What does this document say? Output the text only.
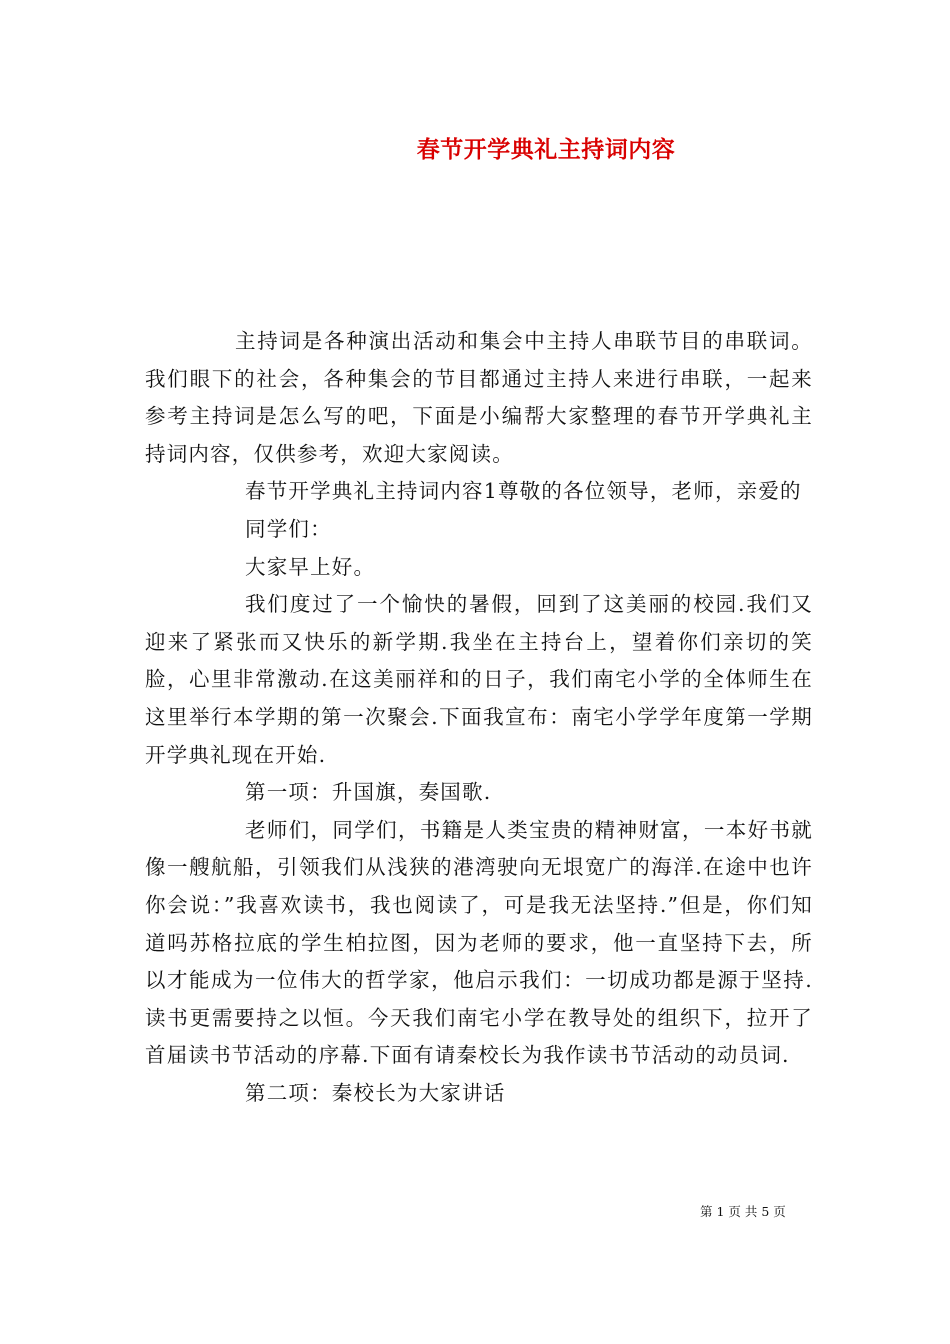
春节开学典礼主持词内容

主持词是各种演出活动和集会中主持人串联节目的串联词。我们眼下的社会，各种集会的节目都通过主持人来进行串联，一起来参考主持词是怎么写的吧，下面是小编帮大家整理的春节开学典礼主持词内容，仅供参考，欢迎大家阅读。

春节开学典礼主持词内容1尊敬的各位领导，老师，亲爱的

同学们：

大家早上好。

我们度过了一个愉快的暑假，回到了这美丽的校园.我们又迎来了紧张而又快乐的新学期.我坐在主持台上，望着你们亲切的笑脸，心里非常激动.在这美丽祥和的日子，我们南宅小学的全体师生在这里举行本学期的第一次聚会.下面我宣布：南宅小学学年度第一学期开学典礼现在开始.

第一项：升国旗，奏国歌.

老师们，同学们，书籍是人类宝贵的精神财富，一本好书就像一艘航船，引领我们从浅狭的港湾驶向无垠宽广的海洋.在途中也许你会说：”我喜欢读书，我也阅读了，可是我无法坚持.”但是，你们知道吗苏格拉底的学生柏拉图，因为老师的要求，他一直坚持下去，所以才能成为一位伟大的哲学家，他启示我们：一切成功都是源于坚持.读书更需要持之以恒。今天我们南宅小学在教导处的组织下，拉开了首届读书节活动的序幕.下面有请秦校长为我作读书节活动的动员词.

第二项：秦校长为大家讲话

第 1 页 共 5 页
